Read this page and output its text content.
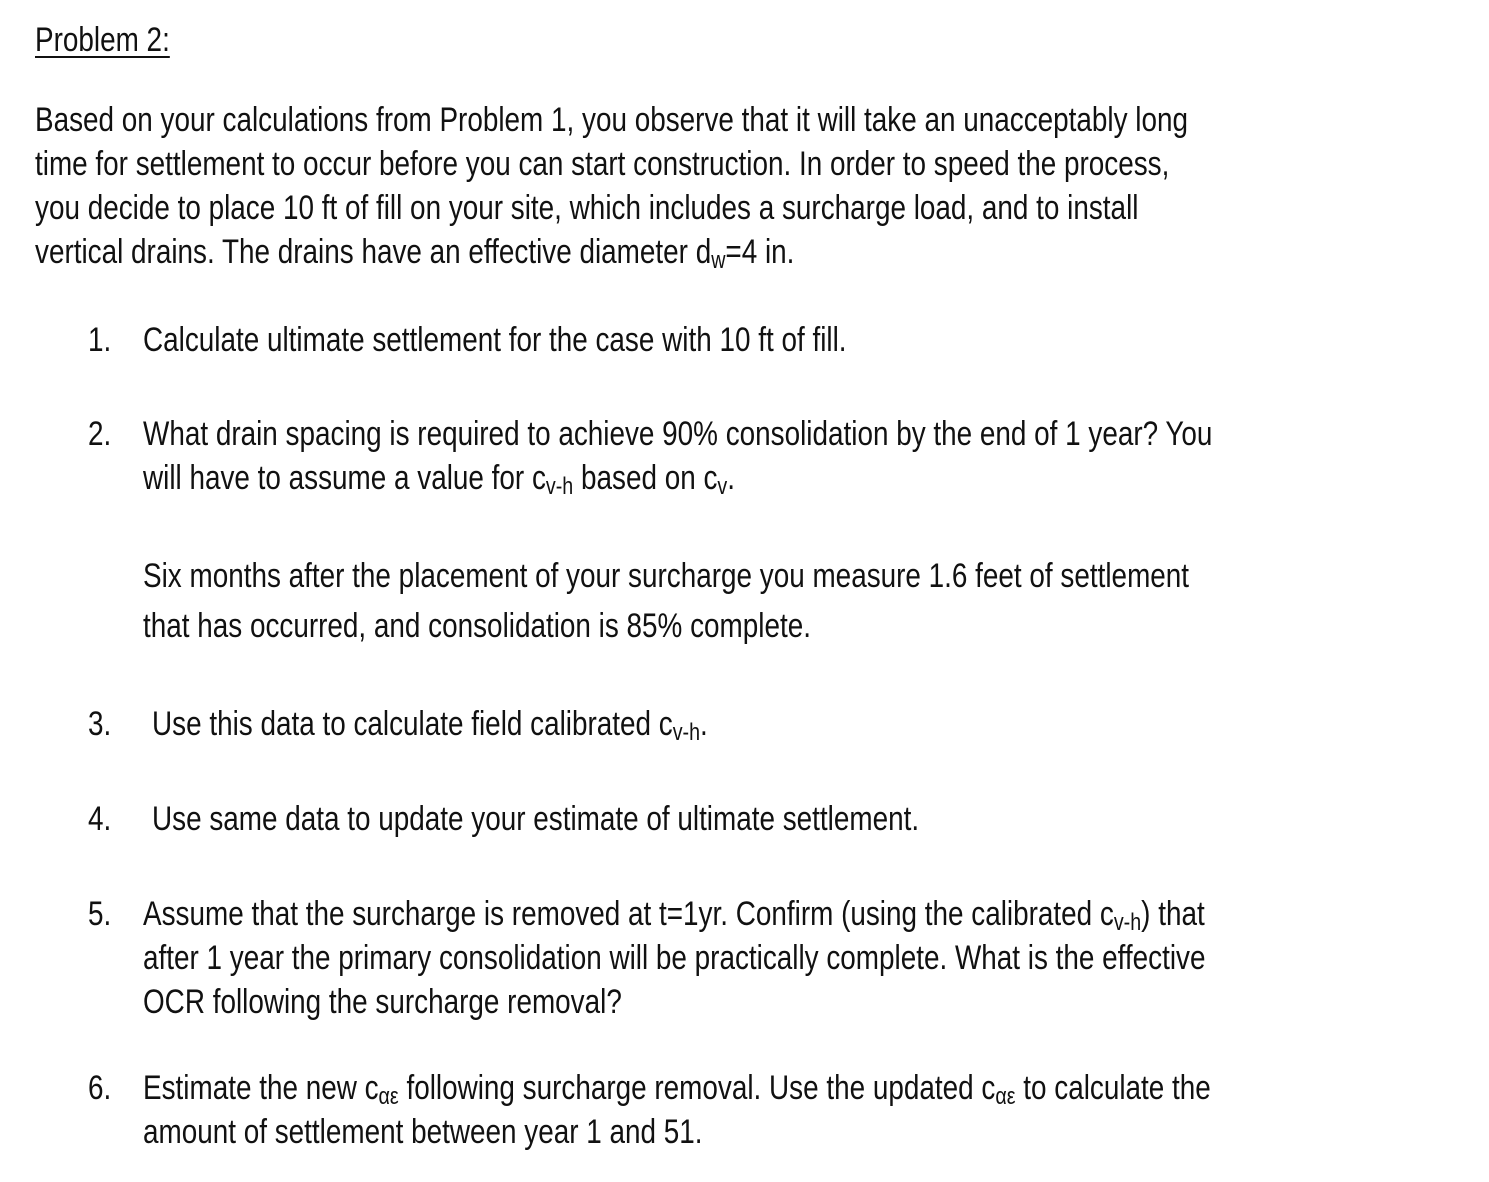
Problem 2:
Based on your calculations from Problem 1, you observe that it will take an unacceptably long
time for settlement to occur before you can start construction. In order to speed the process,
you decide to place 10 ft of fill on your site, which includes a surcharge load, and to install
vertical drains. The drains have an effective diameter $d_w=4$ in.
1. Calculate ultimate settlement for the case with 10 ft of fill.
2. What drain spacing is required to achieve 90% consolidation by the end of 1 year? You
will have to assume a value for $c_{v-h}$ based on $c_v$.
Six months after the placement of your surcharge you measure 1.6 feet of settlement
that has occurred, and consolidation is 85% complete.
3. Use this data to calculate field calibrated $c_{v-h}$.
4. Use same data to update your estimate of ultimate settlement.
5. Assume that the surcharge is removed at t=1yr. Confirm (using the calibrated $c_{v-h}$) that
after 1 year the primary consolidation will be practically complete. What is the effective
OCR following the surcharge removal?
6. Estimate the new $c_{\alpha\varepsilon}$ following surcharge removal. Use the updated $c_{\alpha\varepsilon}$ to calculate the
amount of settlement between year 1 and 51.
